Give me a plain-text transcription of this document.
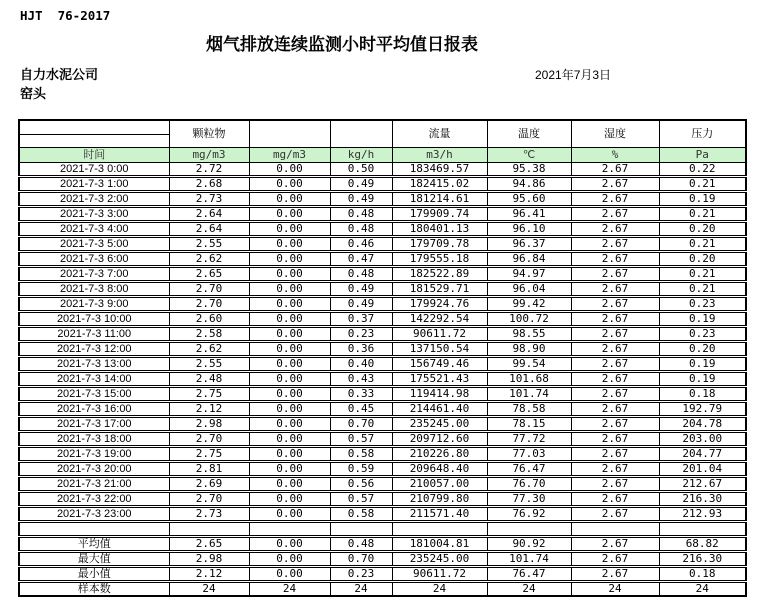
HJT  76-2017
烟气排放连续监测小时平均值日报表
自力水泥公司
窑头
2021年7月3日
	颗粒物			流量	温度	湿度	压力

时间	mg/m3	mg/m3	kg/h	m3/h	℃	%	Pa
2021-7-3 0:00	2.72	0.00	0.50	183469.57	95.38	2.67	0.22
2021-7-3 1:00	2.68	0.00	0.49	182415.02	94.86	2.67	0.21
2021-7-3 2:00	2.73	0.00	0.49	181214.61	95.60	2.67	0.19
2021-7-3 3:00	2.64	0.00	0.48	179909.74	96.41	2.67	0.21
2021-7-3 4:00	2.64	0.00	0.48	180401.13	96.10	2.67	0.20
2021-7-3 5:00	2.55	0.00	0.46	179709.78	96.37	2.67	0.21
2021-7-3 6:00	2.62	0.00	0.47	179555.18	96.84	2.67	0.20
2021-7-3 7:00	2.65	0.00	0.48	182522.89	94.97	2.67	0.21
2021-7-3 8:00	2.70	0.00	0.49	181529.71	96.04	2.67	0.21
2021-7-3 9:00	2.70	0.00	0.49	179924.76	99.42	2.67	0.23
2021-7-3 10:00	2.60	0.00	0.37	142292.54	100.72	2.67	0.19
2021-7-3 11:00	2.58	0.00	0.23	90611.72	98.55	2.67	0.23
2021-7-3 12:00	2.62	0.00	0.36	137150.54	98.90	2.67	0.20
2021-7-3 13:00	2.55	0.00	0.40	156749.46	99.54	2.67	0.19
2021-7-3 14:00	2.48	0.00	0.43	175521.43	101.68	2.67	0.19
2021-7-3 15:00	2.75	0.00	0.33	119414.98	101.74	2.67	0.18
2021-7-3 16:00	2.12	0.00	0.45	214461.40	78.58	2.67	192.79
2021-7-3 17:00	2.98	0.00	0.70	235245.00	78.15	2.67	204.78
2021-7-3 18:00	2.70	0.00	0.57	209712.60	77.72	2.67	203.00
2021-7-3 19:00	2.75	0.00	0.58	210226.80	77.03	2.67	204.77
2021-7-3 20:00	2.81	0.00	0.59	209648.40	76.47	2.67	201.04
2021-7-3 21:00	2.69	0.00	0.56	210057.00	76.70	2.67	212.67
2021-7-3 22:00	2.70	0.00	0.57	210799.80	77.30	2.67	216.30
2021-7-3 23:00	2.73	0.00	0.58	211571.40	76.92	2.67	212.93

平均值	2.65	0.00	0.48	181004.81	90.92	2.67	68.82
最大值	2.98	0.00	0.70	235245.00	101.74	2.67	216.30
最小值	2.12	0.00	0.23	90611.72	76.47	2.67	0.18
样本数	24	24	24	24	24	24	24
